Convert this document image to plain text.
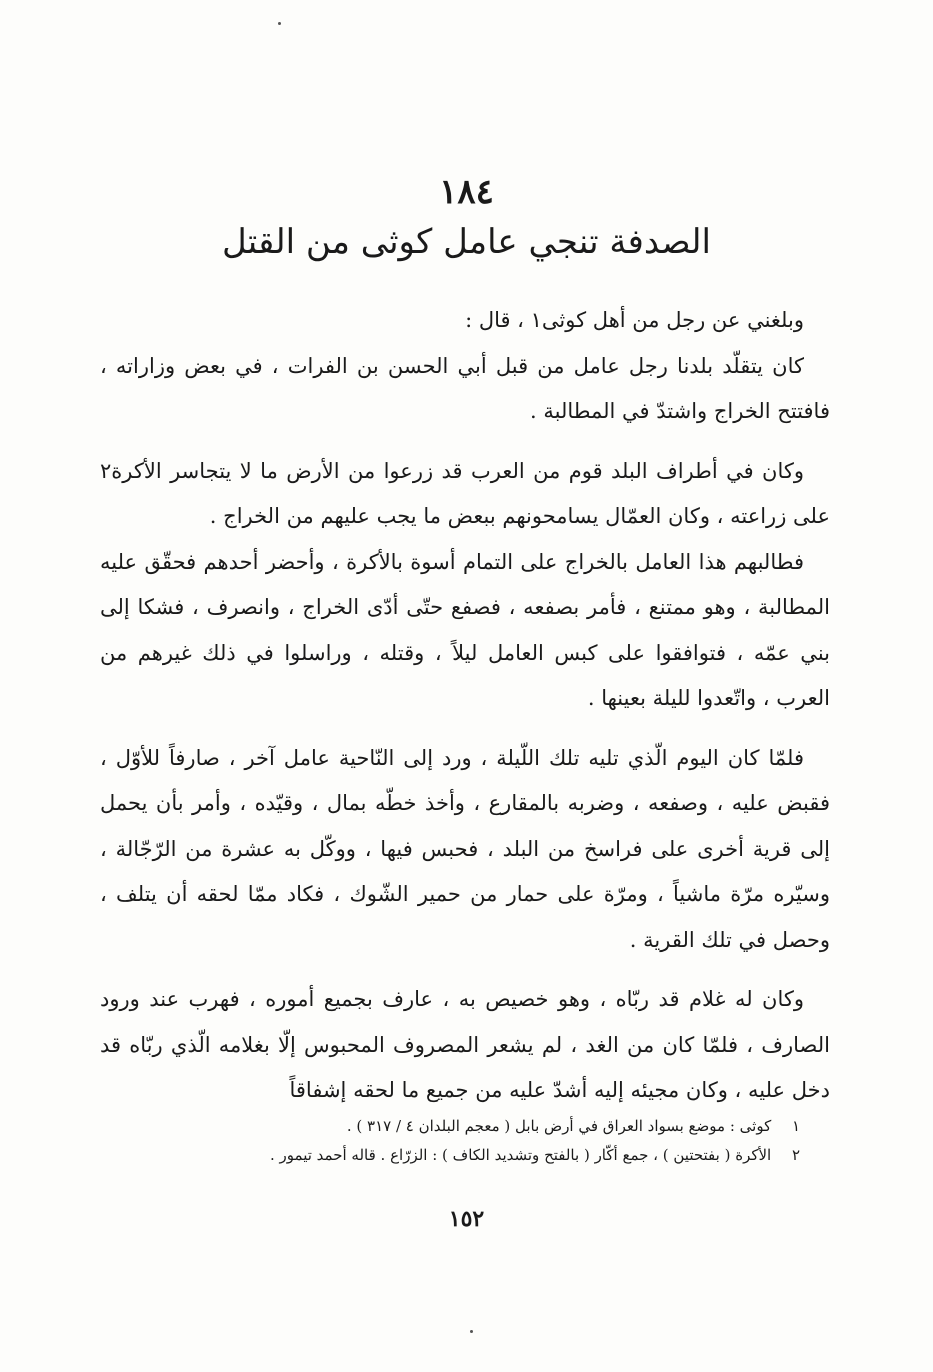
١٨٤
الصدفة تنجي عامل كوثى من القتل

وبلغني عن رجل من أهل كوثى١ ، قال :

كان يتقلّد بلدنا رجل عامل من قبل أبي الحسن بن الفرات ، في بعض وزاراته ، فافتتح الخراج واشتدّ في المطالبة .

وكان في أطراف البلد قوم من العرب قد زرعوا من الأرض ما لا يتجاسر الأكرة٢ على زراعته ، وكان العمّال يسامحونهم ببعض ما يجب عليهم من الخراج .

فطالبهم هذا العامل بالخراج على التمام أسوة بالأكرة ، وأحضر أحدهم فحقّق عليه المطالبة ، وهو ممتنع ، فأمر بصفعه ، فصفع حتّى أدّى الخراج ، وانصرف ، فشكا إلى بني عمّه ، فتوافقوا على كبس العامل ليلاً ، وقتله ، وراسلوا في ذلك غيرهم من العرب ، واتّعدوا لليلة بعينها .

فلمّا كان اليوم الّذي تليه تلك اللّيلة ، ورد إلى النّاحية عامل آخر ، صارفاً للأوّل ، فقبض عليه ، وصفعه ، وضربه بالمقارع ، وأخذ خطّه بمال ، وقيّده ، وأمر بأن يحمل إلى قرية أخرى على فراسخ من البلد ، فحبس فيها ، ووكّل به عشرة من الرّجّالة ، وسيّره مرّة ماشياً ، ومرّة على حمار من حمير الشّوك ، فكاد ممّا لحقه أن يتلف ، وحصل في تلك القرية .

وكان له غلام قد ربّاه ، وهو خصيص به ، عارف بجميع أموره ، فهرب عند ورود الصارف ، فلمّا كان من الغد ، لم يشعر المصروف المحبوس إلّا بغلامه الّذي ربّاه قد دخل عليه ، وكان مجيئه إليه أشدّ عليه من جميع ما لحقه إشفاقاً

١ كوثى : موضع بسواد العراق في أرض بابل ( معجم البلدان ٤ / ٣١٧ ) .

٢ الأكرة ( بفتحتين ) ، جمع أكّار ( بالفتح وتشديد الكاف ) : الزرّاع . قاله أحمد تيمور .

١٥٢
